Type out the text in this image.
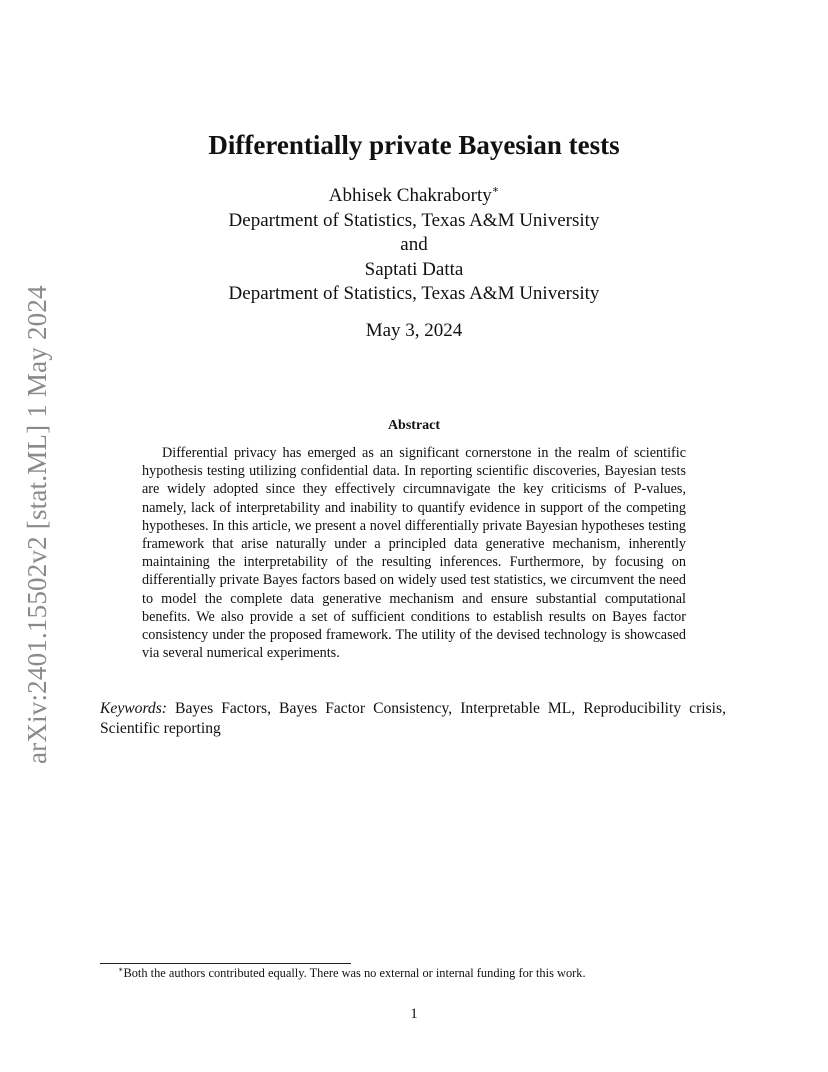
arXiv:2401.15502v2 [stat.ML] 1 May 2024
Differentially private Bayesian tests
Abhisek Chakraborty∗
Department of Statistics, Texas A&M University
and
Saptati Datta
Department of Statistics, Texas A&M University
May 3, 2024
Abstract
Differential privacy has emerged as an significant cornerstone in the realm of scientific hypothesis testing utilizing confidential data. In reporting scientific discoveries, Bayesian tests are widely adopted since they effectively circumnavigate the key criticisms of P-values, namely, lack of interpretability and inability to quantify evidence in support of the competing hypotheses. In this article, we present a novel differentially private Bayesian hypotheses testing framework that arise naturally under a principled data generative mechanism, inherently maintaining the interpretability of the resulting inferences. Furthermore, by focusing on differentially private Bayes factors based on widely used test statistics, we circumvent the need to model the complete data generative mechanism and ensure substantial computational benefits. We also provide a set of sufficient conditions to establish results on Bayes factor consistency under the proposed framework. The utility of the devised technology is showcased via several numerical experiments.
Keywords: Bayes Factors, Bayes Factor Consistency, Interpretable ML, Reproducibility crisis, Scientific reporting
∗Both the authors contributed equally. There was no external or internal funding for this work.
1
